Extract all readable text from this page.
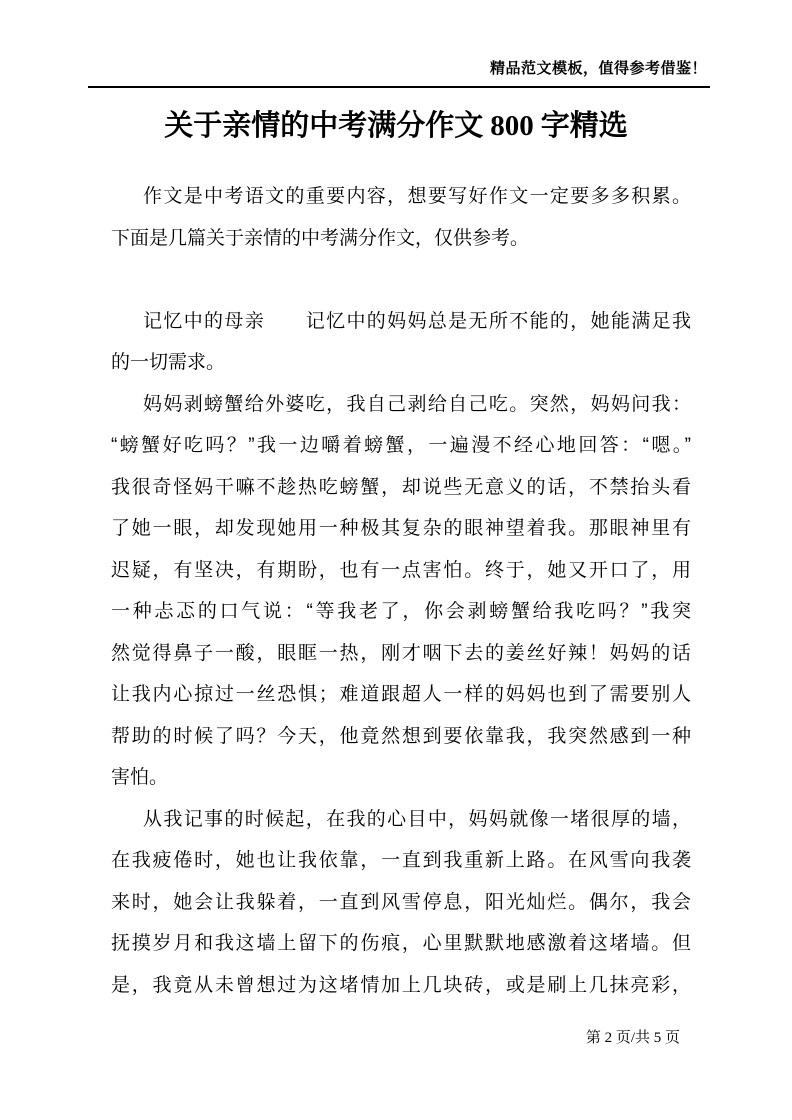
精品范文模板，值得参考借鉴！
关于亲情的中考满分作文 800 字精选
作文是中考语文的重要内容，想要写好作文一定要多多积累。
下面是几篇关于亲情的中考满分作文，仅供参考。

记忆中的母亲　　记忆中的妈妈总是无所不能的，她能满足我
的一切需求。
妈妈剥螃蟹给外婆吃，我自己剥给自己吃。突然，妈妈问我：
“螃蟹好吃吗？”我一边嚼着螃蟹，一遍漫不经心地回答：“嗯。”
我很奇怪妈干嘛不趁热吃螃蟹，却说些无意义的话，不禁抬头看
了她一眼，却发现她用一种极其复杂的眼神望着我。那眼神里有
迟疑，有坚决，有期盼，也有一点害怕。终于，她又开口了，用
一种忐忑的口气说：“等我老了，你会剥螃蟹给我吃吗？”我突
然觉得鼻子一酸，眼眶一热，刚才咽下去的姜丝好辣！妈妈的话
让我内心掠过一丝恐惧；难道跟超人一样的妈妈也到了需要别人
帮助的时候了吗？今天，他竟然想到要依靠我，我突然感到一种
害怕。
从我记事的时候起，在我的心目中，妈妈就像一堵很厚的墙，
在我疲倦时，她也让我依靠，一直到我重新上路。在风雪向我袭
来时，她会让我躲着，一直到风雪停息，阳光灿烂。偶尔，我会
抚摸岁月和我这墙上留下的伤痕，心里默默地感激着这堵墙。但
是，我竟从未曾想过为这堵情加上几块砖，或是刷上几抹亮彩，
第 2 页/共 5 页
